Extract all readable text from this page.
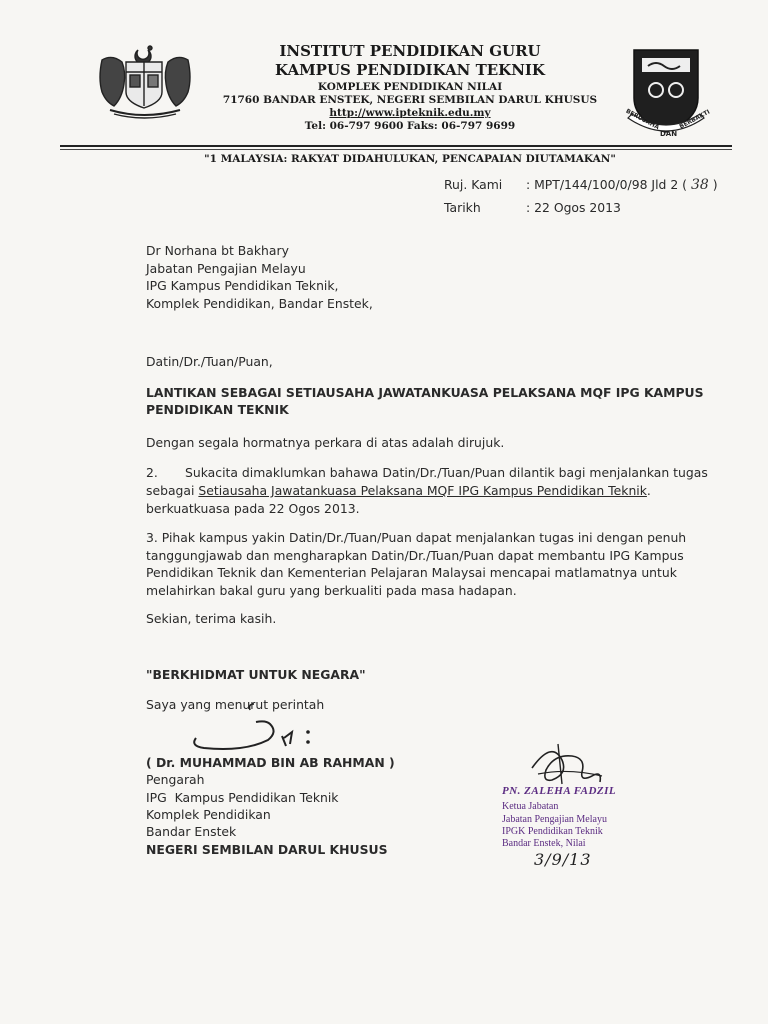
INSTITUT PENDIDIKAN GURU
KAMPUS PENDIDIKAN TEKNIK
KOMPLEK PENDIDIKAN NILAI
71760 BANDAR ENSTEK, NEGERI SEMBILAN DARUL KHUSUS
http://www.ipteknik.edu.my
Tel: 06-797 9600 Faks: 06-797 9699	BERUSAHA
DAN
BERBAKTI
"1 MALAYSIA: RAKYAT DIDAHULUKAN, PENCAPAIAN DIUTAMAKAN"
Ruj. Kami : MPT/144/100/0/98 Jld 2 ( 38 )
Tarikh	: 22 Ogos 2013
Dr Norhana bt Bakhary
Jabatan Pengajian Melayu
IPG Kampus Pendidikan Teknik,
Komplek Pendidikan, Bandar Enstek,
Datin/Dr./Tuan/Puan,
LANTIKAN SEBAGAI SETIAUSAHA JAWATANKUASA PELAKSANA MQF IPG KAMPUS
PENDIDIKAN TEKNIK
Dengan segala hormatnya perkara di atas adalah dirujuk.
2. Sukacita dimaklumkan bahawa Datin/Dr./Tuan/Puan dilantik bagi menjalankan tugas
sebagai Setiausaha Jawatankuasa Pelaksana MQF IPG Kampus Pendidikan Teknik.
berkuatkuasa pada 22 Ogos 2013.
3. Pihak kampus yakin Datin/Dr./Tuan/Puan dapat menjalankan tugas ini dengan penuh
tanggungjawab dan mengharapkan Datin/Dr./Tuan/Puan dapat membantu IPG Kampus
Pendidikan Teknik dan Kementerian Pelajaran Malaysai mencapai matlamatnya untuk
melahirkan bakal guru yang berkualiti pada masa hadapan.
Sekian, terima kasih.
"BERKHIDMAT UNTUK NEGARA"
Saya yang menurut perintah
( Dr. MUHAMMAD BIN AB RAHMAN )
Pengarah
IPG  Kampus Pendidikan Teknik
Komplek Pendidikan
Bandar Enstek
NEGERI SEMBILAN DARUL KHUSUS
PN. ZALEHA FADZIL
Ketua Jabatan
Jabatan Pengajian Melayu
IPGK Pendidikan Teknik
Bandar Enstek, Nilai
3/9/13
